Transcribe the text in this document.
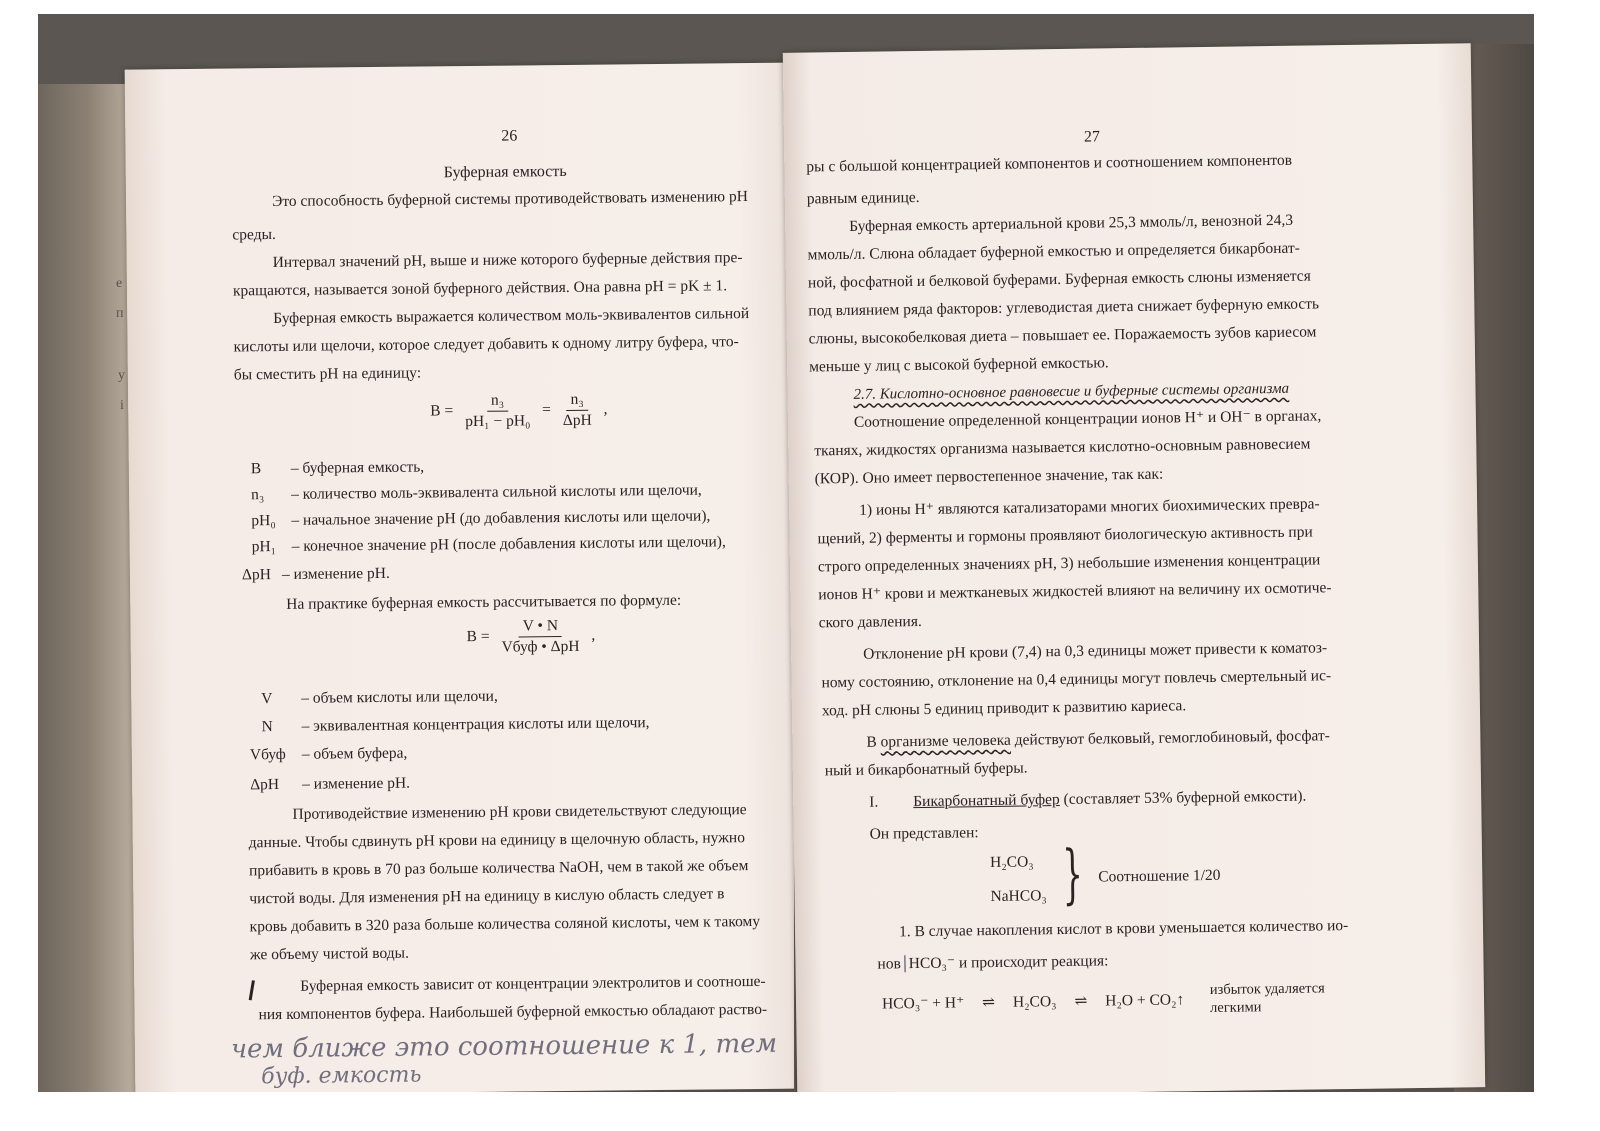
26
Буферная емкость
Это способность буферной системы противодействовать изменению pH
среды.
Интервал значений pH, выше и ниже которого буферные действия пре-
кращаются, называется зоной буферного действия. Она равна pH = pK ± 1.
Буферная емкость выражается количеством моль-эквивалентов сильной
кислоты или щелочи, которое следует добавить к одному литру буфера, что-
бы сместить pH на единицу:
$B = \frac{\text{n₃}}{\text{pH₁ − pH₀}} = \frac{\text{n₃}}{\text{ΔpH}}$ ,
B – буферная емкость,
n₃ – количество моль-эквивалента сильной кислоты или щелочи,
pH₀ – начальное значение pH (до добавления кислоты или щелочи),
pH₁ – конечное значение pH (после добавления кислоты или щелочи),
ΔpH – изменение pH.
На практике буферная емкость рассчитывается по формуле:
$B = \frac{V • N}{\text{Vбуф • ΔpH}}$ ,
V – объем кислоты или щелочи,
N – эквивалентная концентрация кислоты или щелочи,
Vбуф – объем буфера,
ΔpH – изменение pH.
Противодействие изменению pH крови свидетельствуют следующие
данные. Чтобы сдвинуть pH крови на единицу в щелочную область, нужно
прибавить в кровь в 70 раз больше количества NaOH, чем в такой же объем
чистой воды. Для изменения pH на единицу в кислую область следует в
кровь добавить в 320 раза больше количества соляной кислоты, чем к такому
же объему чистой воды.
Буферная емкость зависит от концентрации электролитов и соотноше-
ния компонентов буфера. Наибольшей буферной емкостью обладают раство-
чем ближе это соотношение к 1, тем
буф. емкость
27
ры с большой концентрацией компонентов и соотношением компонентов
равным единице.
Буферная емкость артериальной крови 25,3 ммоль/л, венозной 24,3
ммоль/л. Слюна обладает буферной емкостью и определяется бикарбонат-
ной, фосфатной и белковой буферами. Буферная емкость слюны изменяется
под влиянием ряда факторов: углеводистая диета снижает буферную емкость
слюны, высокобелковая диета – повышает ее. Поражаемость зубов кариесом
меньше у лиц с высокой буферной емкостью.
2.7. Кислотно-основное равновесие и буферные системы организма
Соотношение определенной концентрации ионов H⁺ и OH⁻ в органах,
тканях, жидкостях организма называется кислотно-основным равновесием
(КОР). Оно имеет первостепенное значение, так как:
1) ионы H⁺ являются катализаторами многих биохимических превра-
щений, 2) ферменты и гормоны проявляют биологическую активность при
строго определенных значениях pH, 3) небольшие изменения концентрации
ионов H⁺ крови и межтканевых жидкостей влияют на величину их осмотиче-
ского давления.
Отклонение pH крови (7,4) на 0,3 единицы может привести к коматоз-
ному состоянию, отклонение на 0,4 единицы могут повлечь смертельный ис-
ход. pH слюны 5 единиц приводит к развитию кариеса.
В организме человека действуют белковый, гемоглобиновый, фосфат-
ный и бикарбонатный буферы.
I. Бикарбонатный буфер (составляет 53% буферной емкости).
Он представлен:
H₂CO₃
NaHCO₃ } Соотношение 1/20
1. В случае накопления кислот в крови уменьшается количество ио-
нов HCO₃⁻ и происходит реакция:
HCO₃⁻ + H⁺ ⇌ H₂CO₃ ⇌ H₂O + CO₂↑
избыток удаляется
легкими
е
п
у
і
